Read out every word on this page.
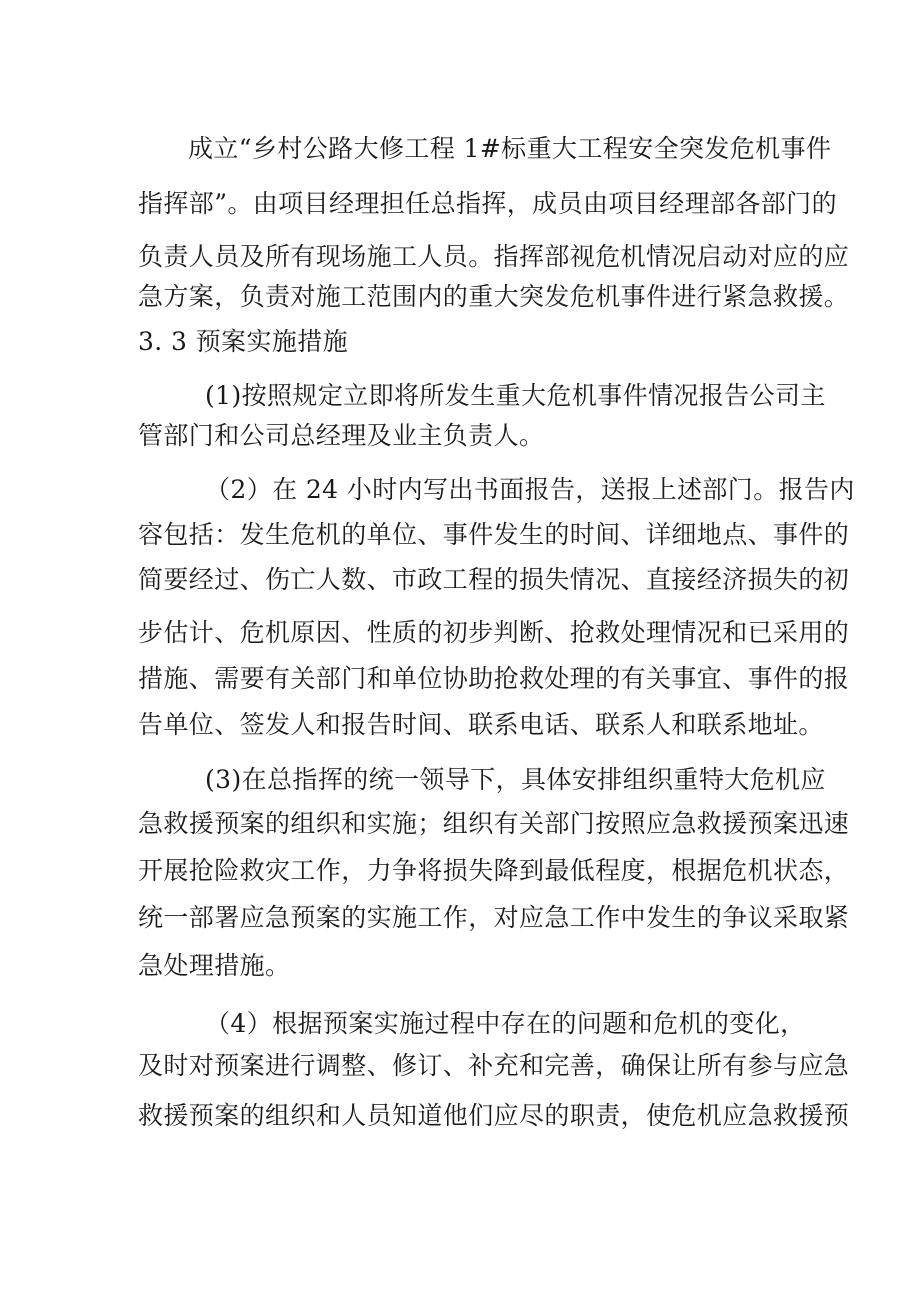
成立“乡村公路大修工程 1#标重大工程安全突发危机事件
指挥部”。由项目经理担任总指挥，成员由项目经理部各部门的
负责人员及所有现场施工人员。指挥部视危机情况启动对应的应
急方案，负责对施工范围内的重大突发危机事件进行紧急救援。
3. 3 预案实施措施
(1)按照规定立即将所发生重大危机事件情况报告公司主
管部门和公司总经理及业主负责人。
（2）在 24 小时内写出书面报告，送报上述部门。报告内
容包括：发生危机的单位、事件发生的时间、详细地点、事件的
简要经过、伤亡人数、市政工程的损失情况、直接经济损失的初
步估计、危机原因、性质的初步判断、抢救处理情况和已采用的
措施、需要有关部门和单位协助抢救处理的有关事宜、事件的报
告单位、签发人和报告时间、联系电话、联系人和联系地址。
(3)在总指挥的统一领导下，具体安排组织重特大危机应
急救援预案的组织和实施；组织有关部门按照应急救援预案迅速
开展抢险救灾工作，力争将损失降到最低程度，根据危机状态，
统一部署应急预案的实施工作，对应急工作中发生的争议采取紧
急处理措施。
（4）根据预案实施过程中存在的问题和危机的变化，
及时对预案进行调整、修订、补充和完善，确保让所有参与应急
救援预案的组织和人员知道他们应尽的职责，使危机应急救援预
